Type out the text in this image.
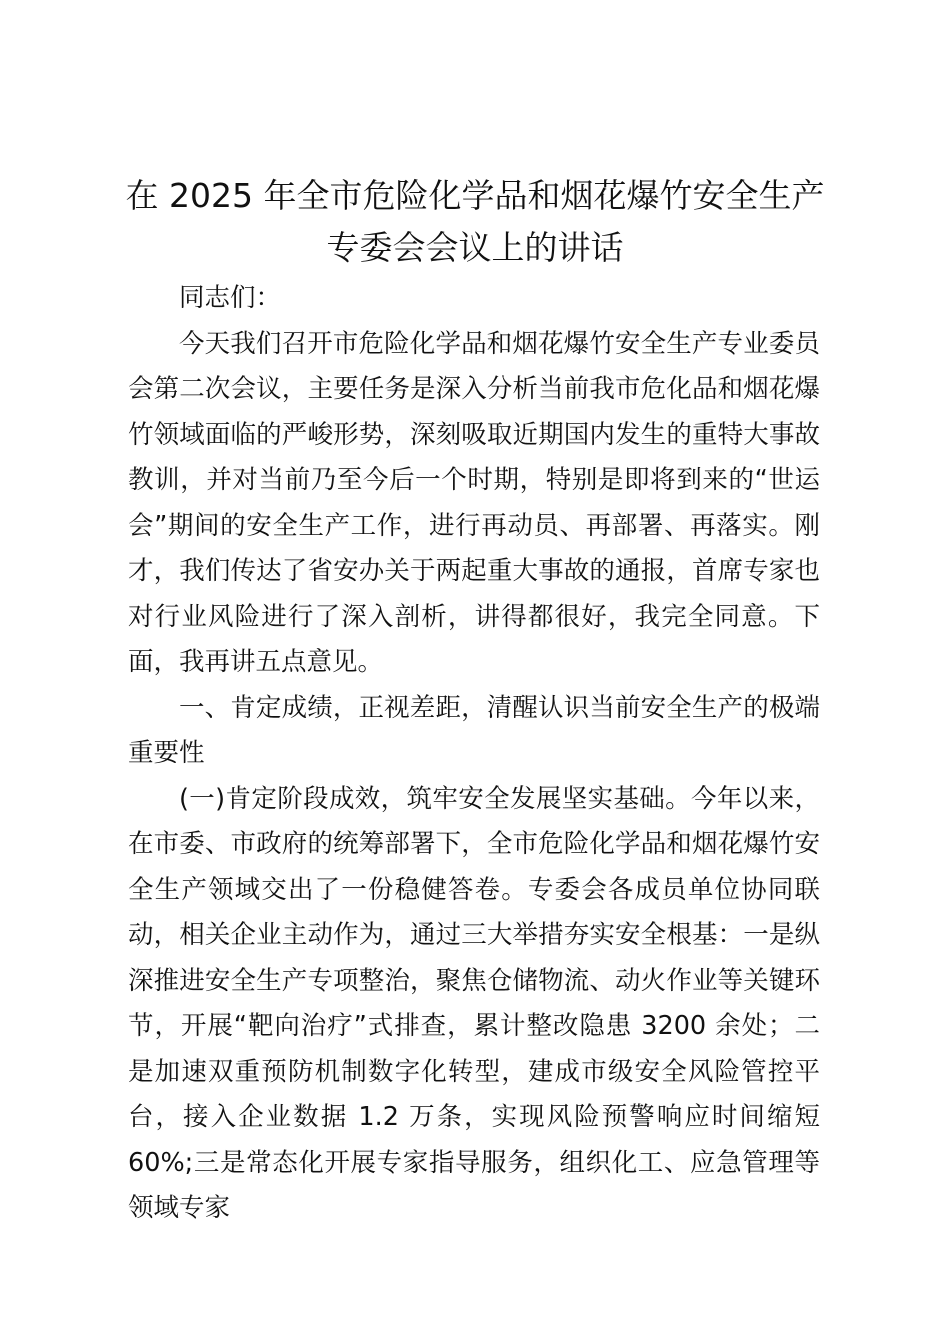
在 2025 年全市危险化学品和烟花爆竹安全生产专委会会议上的讲话

同志们：

今天我们召开市危险化学品和烟花爆竹安全生产专业委员会第二次会议，主要任务是深入分析当前我市危化品和烟花爆竹领域面临的严峻形势，深刻吸取近期国内发生的重特大事故教训，并对当前乃至今后一个时期，特别是即将到来的“世运会”期间的安全生产工作，进行再动员、再部署、再落实。刚才，我们传达了省安办关于两起重大事故的通报，首席专家也对行业风险进行了深入剖析，讲得都很好，我完全同意。下面，我再讲五点意见。

一、肯定成绩，正视差距，清醒认识当前安全生产的极端重要性

(一)肯定阶段成效，筑牢安全发展坚实基础。今年以来，在市委、市政府的统筹部署下，全市危险化学品和烟花爆竹安全生产领域交出了一份稳健答卷。专委会各成员单位协同联动，相关企业主动作为，通过三大举措夯实安全根基：一是纵深推进安全生产专项整治，聚焦仓储物流、动火作业等关键环节，开展“靶向治疗”式排查，累计整改隐患 3200 余处；二是加速双重预防机制数字化转型，建成市级安全风险管控平台，接入企业数据 1.2 万条，实现风险预警响应时间缩短 60%;三是常态化开展专家指导服务，组织化工、应急管理等领域专家
